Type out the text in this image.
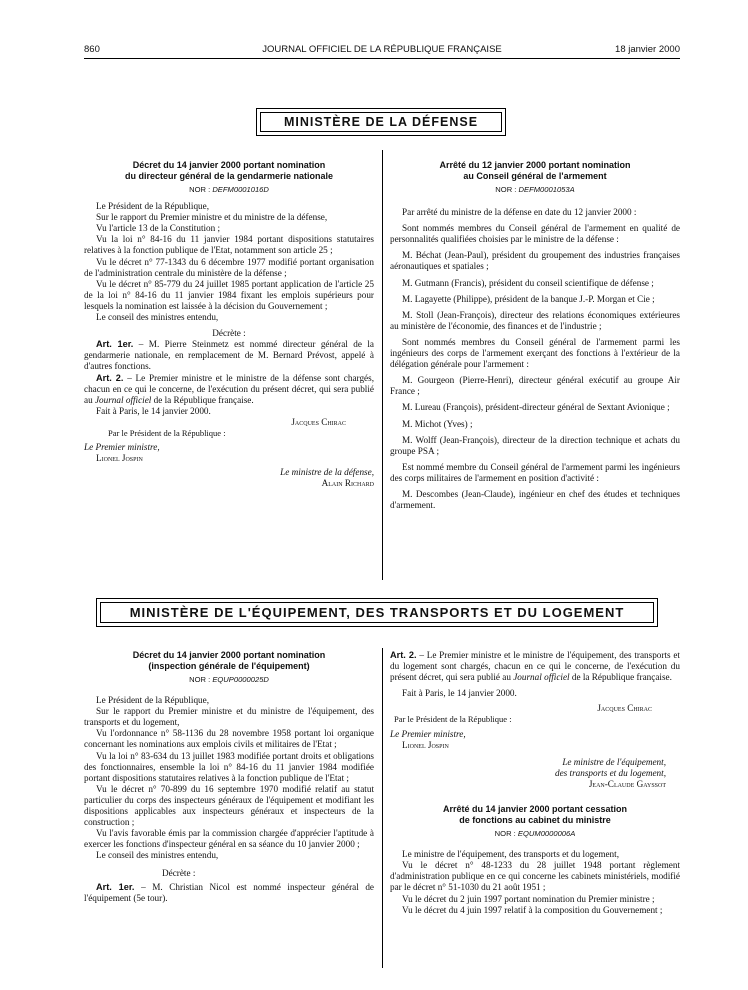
860	JOURNAL OFFICIEL DE LA RÉPUBLIQUE FRANÇAISE	18 janvier 2000
MINISTÈRE DE LA DÉFENSE
Décret du 14 janvier 2000 portant nomination
du directeur général de la gendarmerie nationale
NOR : DEFM0001016D

Le Président de la République,

Sur le rapport du Premier ministre et du ministre de la défense,

Vu l'article 13 de la Constitution ;

Vu la loi n° 84-16 du 11 janvier 1984 portant dispositions statutaires relatives à la fonction publique de l'Etat, notamment son article 25 ;

Vu le décret n° 77-1343 du 6 décembre 1977 modifié portant organisation de l'administration centrale du ministère de la défense ;

Vu le décret n° 85-779 du 24 juillet 1985 portant application de l'article 25 de la loi n° 84-16 du 11 janvier 1984 fixant les emplois supérieurs pour lesquels la nomination est laissée à la décision du Gouvernement ;

Le conseil des ministres entendu,

Décrète :

Art. 1er. – M. Pierre Steinmetz est nommé directeur général de la gendarmerie nationale, en remplacement de M. Bernard Prévost, appelé à d'autres fonctions.

Art. 2. – Le Premier ministre et le ministre de la défense sont chargés, chacun en ce qui le concerne, de l'exécution du présent décret, qui sera publié au Journal officiel de la République française.

Fait à Paris, le 14 janvier 2000.

Jacques Chirac

Par le Président de la République :

Le Premier ministre,

Lionel Jospin

Le ministre de la défense,

Alain Richard

Arrêté du 12 janvier 2000 portant nomination
au Conseil général de l'armement
NOR : DEFM0001053A

Par arrêté du ministre de la défense en date du 12 janvier 2000 :

Sont nommés membres du Conseil général de l'armement en qualité de personnalités qualifiées choisies par le ministre de la défense :

M. Béchat (Jean-Paul), président du groupement des industries françaises aéronautiques et spatiales ;

M. Gutmann (Francis), président du conseil scientifique de défense ;

M. Lagayette (Philippe), président de la banque J.-P. Morgan et Cie ;

M. Stoll (Jean-François), directeur des relations économiques extérieures au ministère de l'économie, des finances et de l'industrie ;

Sont nommés membres du Conseil général de l'armement parmi les ingénieurs des corps de l'armement exerçant des fonctions à l'extérieur de la délégation générale pour l'armement :

M. Gourgeon (Pierre-Henri), directeur général exécutif au groupe Air France ;

M. Lureau (François), président-directeur général de Sextant Avionique ;

M. Michot (Yves) ;

M. Wolff (Jean-François), directeur de la direction technique et achats du groupe PSA ;

Est nommé membre du Conseil général de l'armement parmi les ingénieurs des corps militaires de l'armement en position d'activité :

M. Descombes (Jean-Claude), ingénieur en chef des études et techniques d'armement.

MINISTÈRE DE L'ÉQUIPEMENT, DES TRANSPORTS ET DU LOGEMENT
Décret du 14 janvier 2000 portant nomination
(inspection générale de l'équipement)
NOR : EQUP0000025D

Le Président de la République,

Sur le rapport du Premier ministre et du ministre de l'équipement, des transports et du logement,

Vu l'ordonnance n° 58-1136 du 28 novembre 1958 portant loi organique concernant les nominations aux emplois civils et militaires de l'Etat ;

Vu la loi n° 83-634 du 13 juillet 1983 modifiée portant droits et obligations des fonctionnaires, ensemble la loi n° 84-16 du 11 janvier 1984 modifiée portant dispositions statutaires relatives à la fonction publique de l'Etat ;

Vu le décret n° 70-899 du 16 septembre 1970 modifié relatif au statut particulier du corps des inspecteurs généraux de l'équipement et modifiant les dispositions applicables aux inspecteurs généraux et inspecteurs de la construction ;

Vu l'avis favorable émis par la commission chargée d'apprécier l'aptitude à exercer les fonctions d'inspecteur général en sa séance du 10 janvier 2000 ;

Le conseil des ministres entendu,

Décrète :

Art. 1er. – M. Christian Nicol est nommé inspecteur général de l'équipement (5e tour).

Art. 2. – Le Premier ministre et le ministre de l'équipement, des transports et du logement sont chargés, chacun en ce qui le concerne, de l'exécution du présent décret, qui sera publié au Journal officiel de la République française.

Fait à Paris, le 14 janvier 2000.

Jacques Chirac

Par le Président de la République :

Le Premier ministre,

Lionel Jospin

Le ministre de l'équipement,

des transports et du logement,

Jean-Claude Gayssot

Arrêté du 14 janvier 2000 portant cessation
de fonctions au cabinet du ministre
NOR : EQUM0000006A

Le ministre de l'équipement, des transports et du logement,

Vu le décret n° 48-1233 du 28 juillet 1948 portant règlement d'administration publique en ce qui concerne les cabinets ministériels, modifié par le décret n° 51-1030 du 21 août 1951 ;

Vu le décret du 2 juin 1997 portant nomination du Premier ministre ;

Vu le décret du 4 juin 1997 relatif à la composition du Gouvernement ;
